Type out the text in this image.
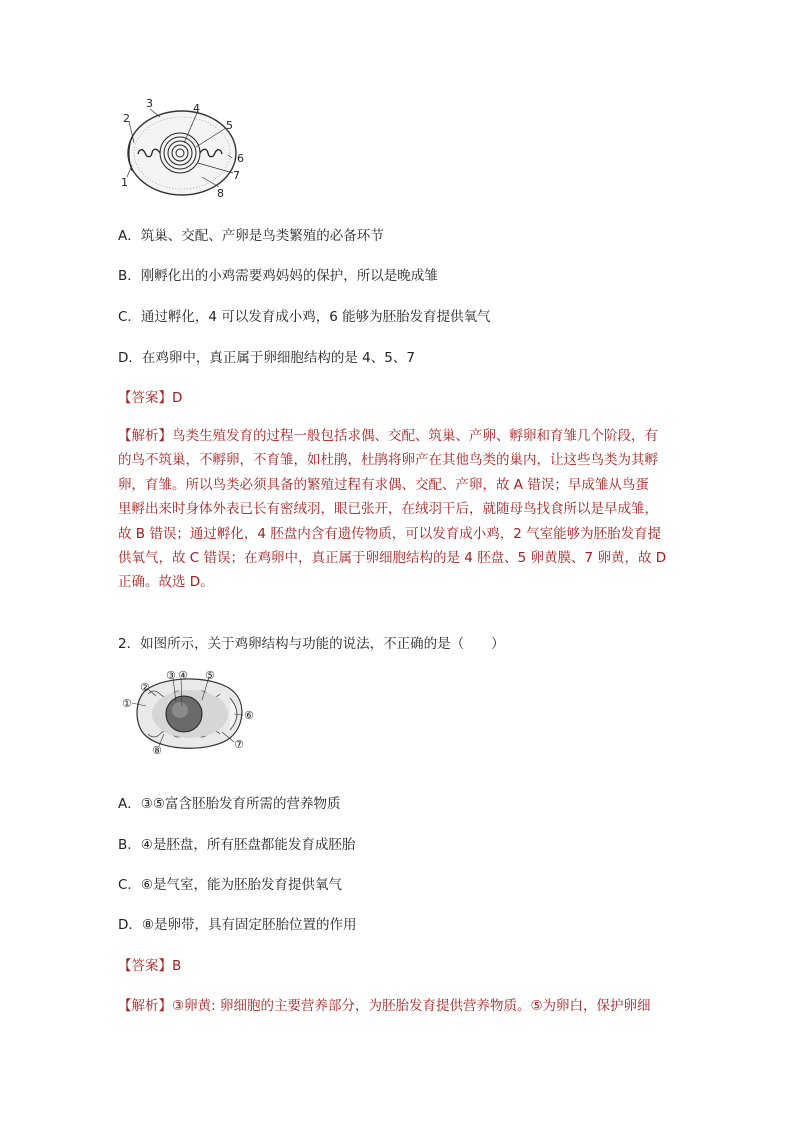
1
2
3	4
5
6
7
8
A．筑巢、交配、产卵是鸟类繁殖的必备环节
B．刚孵化出的小鸡需要鸡妈妈的保护，所以是晚成雏
C．通过孵化，4 可以发育成小鸡，6 能够为胚胎发育提供氧气
D．在鸡卵中，真正属于卵细胞结构的是 4、5、7
【答案】D
【解析】鸟类生殖发育的过程一般包括求偶、交配、筑巢、产卵、孵卵和育雏几个阶段，有
的鸟不筑巢，不孵卵，不育雏，如杜鹃，杜鹃将卵产在其他鸟类的巢内，让这些鸟类为其孵
卵，育雏。所以鸟类必须具备的繁殖过程有求偶、交配、产卵，故 A 错误；早成雏从鸟蛋
里孵出来时身体外表已长有密绒羽，眼已张开，在绒羽干后，就随母鸟找食所以是早成雏，
故 B 错误；通过孵化，4 胚盘内含有遗传物质，可以发育成小鸡，2 气室能够为胚胎发育提
供氧气，故 C 错误；在鸡卵中，真正属于卵细胞结构的是 4 胚盘、5 卵黄膜、7 卵黄，故 D
正确。故选 D。
2．如图所示，关于鸡卵结构与功能的说法，不正确的是（　　）
①
②
③ ④ ⑤
⑥
⑦
⑧
A．③⑤富含胚胎发育所需的营养物质
B．④是胚盘，所有胚盘都能发育成胚胎
C．⑥是气室，能为胚胎发育提供氧气
D．⑧是卵带，具有固定胚胎位置的作用
【答案】B
【解析】③卵黄: 卵细胞的主要营养部分，为胚胎发育提供营养物质。⑤为卵白，保护卵细
